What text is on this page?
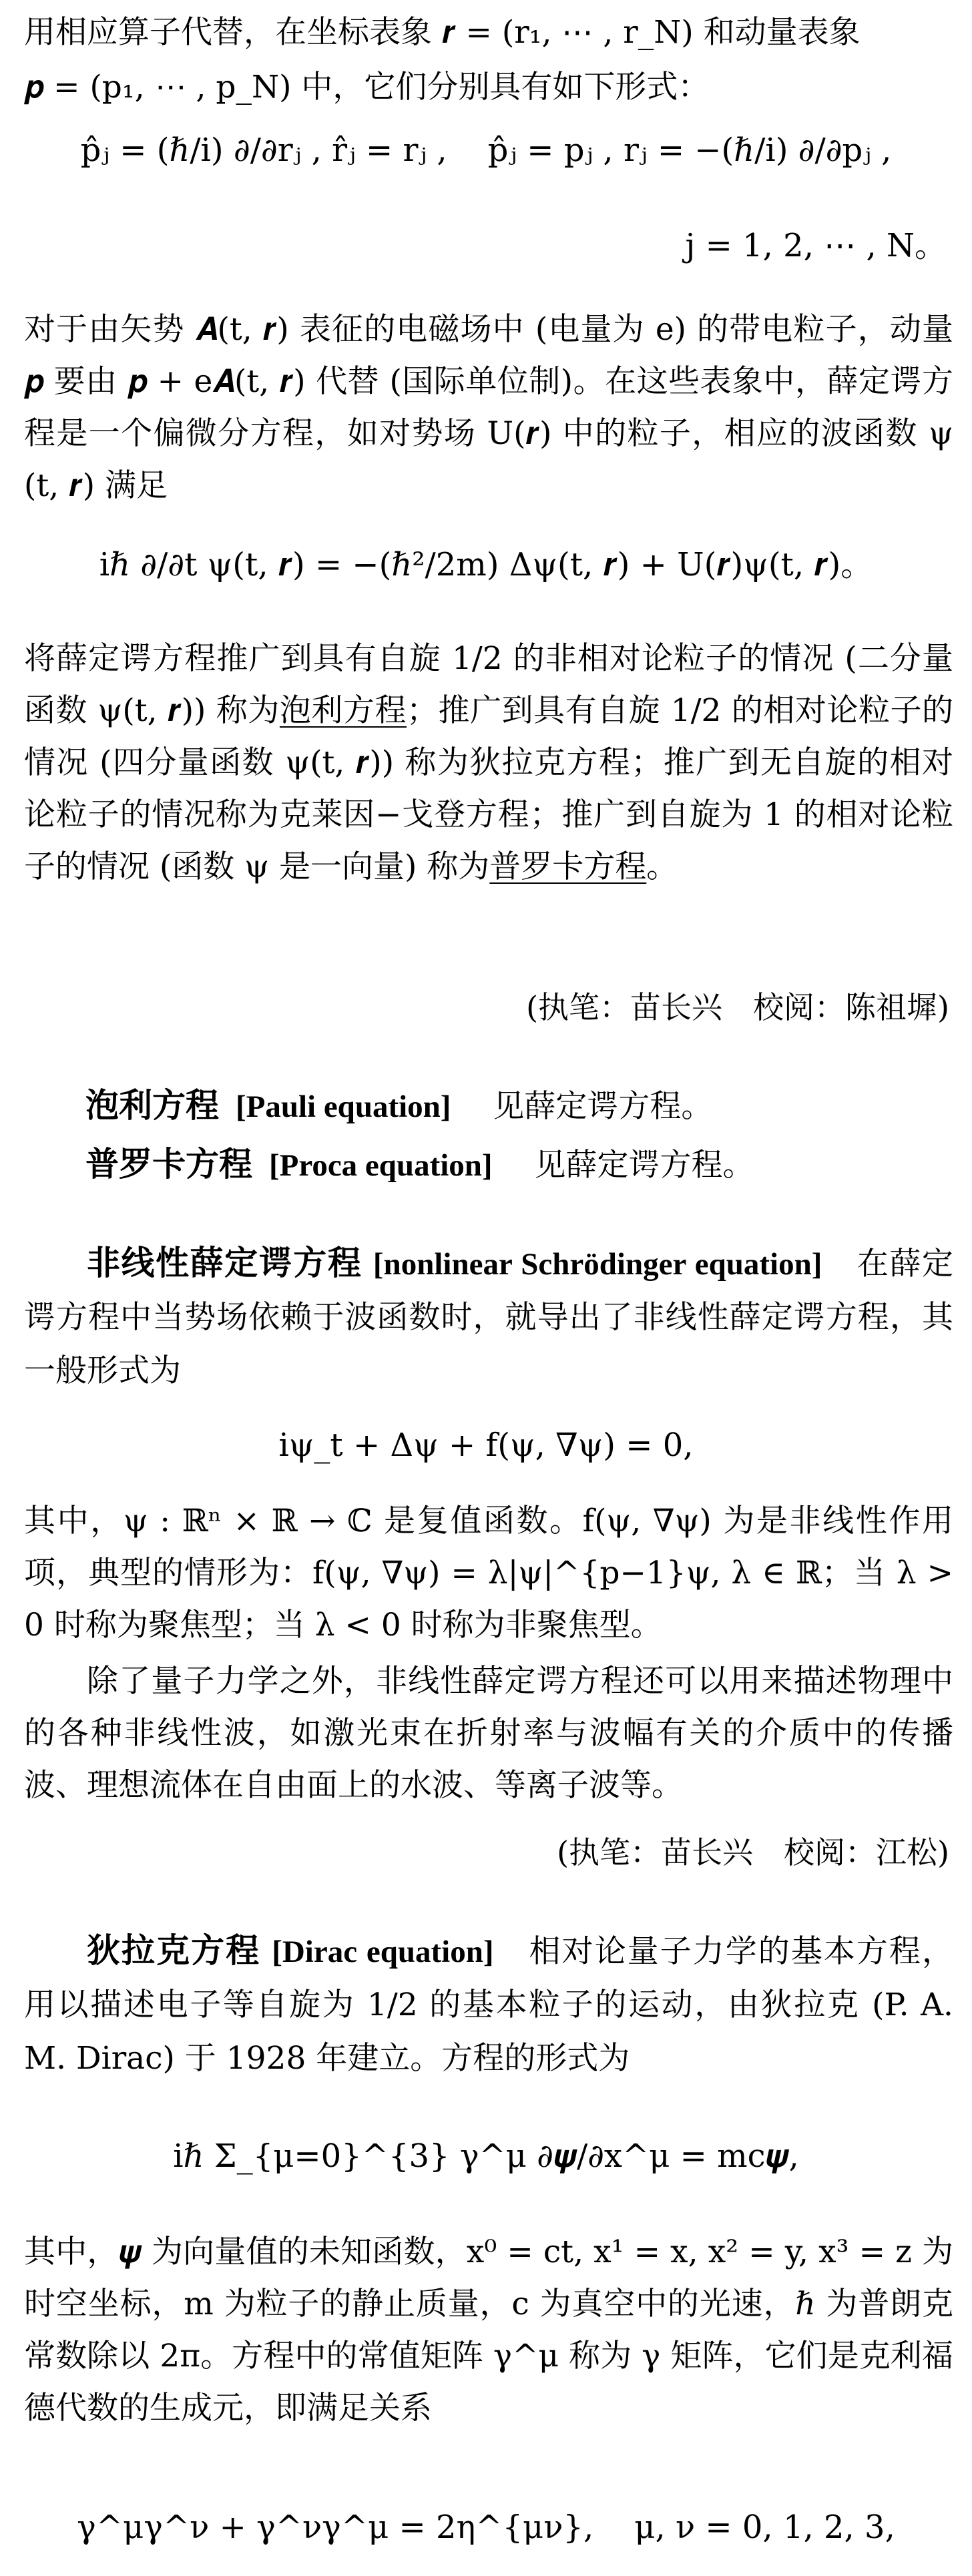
用相应算子代替，在坐标表象 𝒓 = (r₁, ⋯ , r_N) 和动量表象
𝒑 = (p₁, ⋯ , p_N) 中，它们分别具有如下形式：
p̂ⱼ = (ℏ/i) ∂/∂rⱼ , r̂ⱼ = rⱼ ,    p̂ⱼ = pⱼ , rⱼ = −(ℏ/i) ∂/∂pⱼ ,
j = 1, 2, ⋯ , N。
对于由矢势 𝑨(t, 𝒓) 表征的电磁场中 (电量为 e) 的带电粒子，动量 𝒑 要由 𝒑 + e𝑨(t, 𝒓) 代替 (国际单位制)。在这些表象中，薛定谔方程是一个偏微分方程，如对势场 U(𝒓) 中的粒子，相应的波函数 ψ(t, 𝒓) 满足
iℏ ∂/∂t ψ(t, 𝒓) = −(ℏ²/2m) Δψ(t, 𝒓) + U(𝒓)ψ(t, 𝒓)。
将薛定谔方程推广到具有自旋 1/2 的非相对论粒子的情况 (二分量函数 ψ(t, 𝒓)) 称为泡利方程；推广到具有自旋 1/2 的相对论粒子的情况 (四分量函数 ψ(t, 𝒓)) 称为狄拉克方程；推广到无自旋的相对论粒子的情况称为克莱因−戈登方程；推广到自旋为 1 的相对论粒子的情况 (函数 ψ 是一向量) 称为普罗卡方程。
(执笔：苗长兴　校阅：陈祖墀)
泡利方程 [Pauli equation] 见薛定谔方程。
普罗卡方程 [Proca equation] 见薛定谔方程。
非线性薛定谔方程 [nonlinear Schrödinger equation] 在薛定谔方程中当势场依赖于波函数时，就导出了非线性薛定谔方程，其一般形式为
iψ_t + Δψ + f(ψ, ∇ψ) = 0,
其中，ψ : ℝⁿ × ℝ → ℂ 是复值函数。f(ψ, ∇ψ) 为是非线性作用项，典型的情形为：f(ψ, ∇ψ) = λ|ψ|^{p−1}ψ, λ ∈ ℝ；当 λ > 0 时称为聚焦型；当 λ < 0 时称为非聚焦型。
除了量子力学之外，非线性薛定谔方程还可以用来描述物理中的各种非线性波，如激光束在折射率与波幅有关的介质中的传播波、理想流体在自由面上的水波、等离子波等。
(执笔：苗长兴　校阅：江松)
狄拉克方程 [Dirac equation] 相对论量子力学的基本方程，用以描述电子等自旋为 1/2 的基本粒子的运动，由狄拉克 (P. A. M. Dirac) 于 1928 年建立。方程的形式为
iℏ Σ_{μ=0}^{3} γ^μ ∂𝝍/∂x^μ = mc𝝍,
其中，𝝍 为向量值的未知函数，x⁰ = ct, x¹ = x, x² = y, x³ = z 为时空坐标，m 为粒子的静止质量，c 为真空中的光速，ℏ 为普朗克常数除以 2π。方程中的常值矩阵 γ^μ 称为 γ 矩阵，它们是克利福德代数的生成元，即满足关系
γ^μγ^ν + γ^νγ^μ = 2η^{μν},    μ, ν = 0, 1, 2, 3,
